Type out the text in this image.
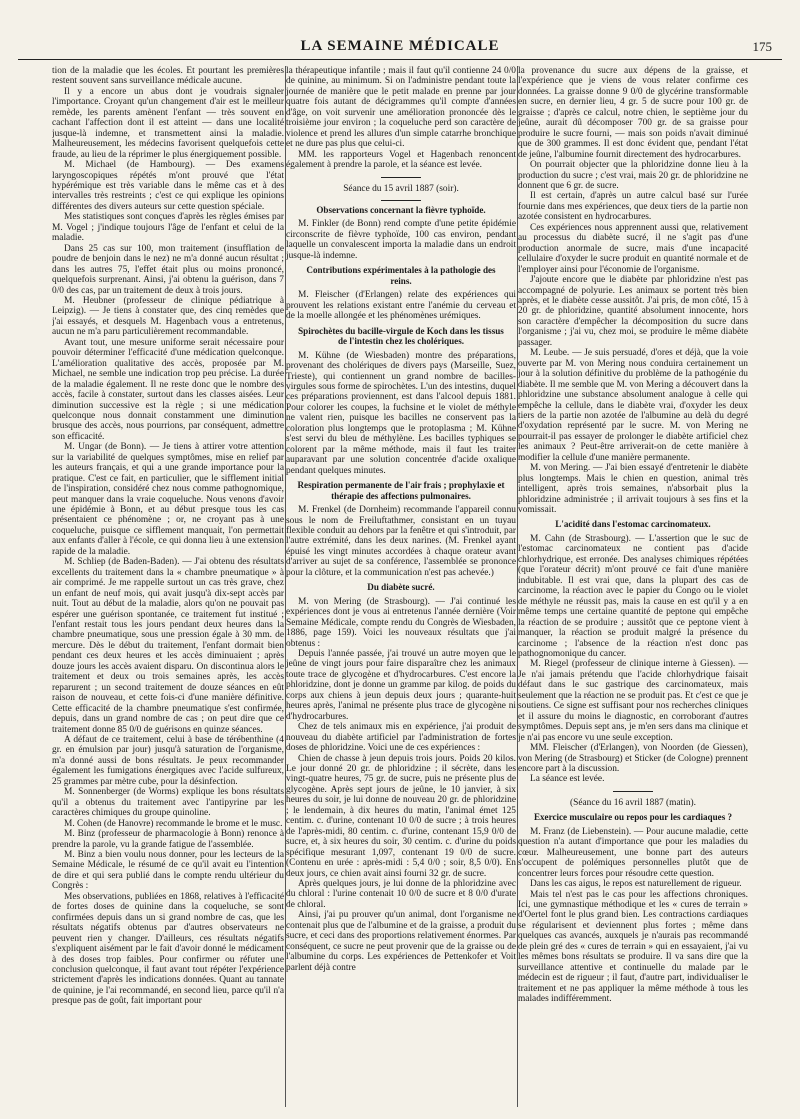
LA SEMAINE MÉDICALE	175

tion de la maladie que les écoles. Et pourtant les premières restent souvent sans surveillance médicale aucune.

Il y a encore un abus dont je voudrais signaler l'importance. Croyant qu'un changement d'air est le meilleur remède, les parents amènent l'enfant — très souvent en cachant l'affection dont il est atteint — dans une localité jusque-là indemne, et transmettent ainsi la maladie. Malheureusement, les médecins favorisent quelquefois cette fraude, au lieu de la réprimer le plus énergiquement possible.

M. Michael (de Hambourg). — Des examens laryngoscopiques répétés m'ont prouvé que l'état hypérémique est très variable dans le même cas et à des intervalles très restreints ; c'est ce qui explique les opinions différentes des divers auteurs sur cette question spéciale.

Mes statistiques sont conçues d'après les règles émises par M. Vogel ; j'indique toujours l'âge de l'enfant et celui de la maladie.

Dans 25 cas sur 100, mon traitement (insufflation de poudre de benjoin dans le nez) ne m'a donné aucun résultat ; dans les autres 75, l'effet était plus ou moins prononcé, quelquefois surprenant. Ainsi, j'ai obtenu la guérison, dans 7 0/0 des cas, par un traitement de deux à trois jours.

M. Heubner (professeur de clinique pédiatrique à Leipzig). — Je tiens à constater que, des cinq remèdes que j'ai essayés, et desquels M. Hagenbach vous a entretenus, aucun ne m'a paru particulièrement recommandable.

Avant tout, une mesure uniforme serait nécessaire pour pouvoir déterminer l'efficacité d'une médication quelconque. L'amélioration qualitative des accès, proposée par M. Michael, ne semble une indication trop peu précise. La durée de la maladie également. Il ne reste donc que le nombre des accès, facile à constater, surtout dans les classes aisées. Leur diminution successive est la règle ; si une médication quelconque nous donnait constamment une diminution brusque des accès, nous pourrions, par conséquent, admettre son efficacité.

M. Ungar (de Bonn). — Je tiens à attirer votre attention sur la variabilité de quelques symptômes, mise en relief par les auteurs français, et qui a une grande importance pour la pratique. C'est ce fait, en particulier, que le sifflement initial de l'inspiration, considéré chez nous comme pathognomique, peut manquer dans la vraie coqueluche. Nous venons d'avoir une épidémie à Bonn, et au début presque tous les cas présentaient ce phénomène ; or, ne croyant pas à une coqueluche, puisque ce sifflement manquait, l'on permettait aux enfants d'aller à l'école, ce qui donna lieu à une extension rapide de la maladie.

M. Schliep (de Baden-Baden). — J'ai obtenu des résultats excellents du traitement dans la « chambre pneumatique » à air comprimé. Je me rappelle surtout un cas très grave, chez un enfant de neuf mois, qui avait jusqu'à dix-sept accès par nuit. Tout au début de la maladie, alors qu'on ne pouvait pas espérer une guérison spontanée, ce traitement fut institué ; l'enfant restait tous les jours pendant deux heures dans la chambre pneumatique, sous une pression égale à 30 mm. de mercure. Dès le début du traitement, l'enfant dormait bien pendant ces deux heures et les accès diminuaient ; après douze jours les accès avaient disparu. On discontinua alors le traitement et deux ou trois semaines après, les accès reparurent ; un second traitement de douze séances en eût raison de nouveau, et cette fois-ci d'une manière définitive. Cette efficacité de la chambre pneumatique s'est confirmée, depuis, dans un grand nombre de cas ; on peut dire que ce traitement donne 85 0/0 de guérisons en quinze séances.

A défaut de ce traitement, celui à base de térébenthine (4 gr. en émulsion par jour) jusqu'à saturation de l'organisme, m'a donné aussi de bons résultats. Je peux recommander également les fumigations énergiques avec l'acide sulfureux, 25 grammes par mètre cube, pour la désinfection.

M. Sonnenberger (de Worms) explique les bons résultats qu'il a obtenus du traitement avec l'antipyrine par les caractères chimiques du groupe quinoline.

M. Cohen (de Hanovre) recommande le brome et le musc.

M. Binz (professeur de pharmacologie à Bonn) renonce à prendre la parole, vu la grande fatigue de l'assemblée.

M. Binz a bien voulu nous donner, pour les lecteurs de la Semaine Médicale, le résumé de ce qu'il avait eu l'intention de dire et qui sera publié dans le compte rendu ultérieur du Congrès :

Mes observations, publiées en 1868, relatives à l'efficacité de fortes doses de quinine dans la coqueluche, se sont confirmées depuis dans un si grand nombre de cas, que les résultats négatifs obtenus par d'autres observateurs ne peuvent rien y changer. D'ailleurs, ces résultats négatifs s'expliquent aisément par le fait d'avoir donné le médicament à des doses trop faibles. Pour confirmer ou réfuter une conclusion quelconque, il faut avant tout répéter l'expérience strictement d'après les indications données. Quant au tannate de quinine, je l'ai recommandé, en second lieu, parce qu'il n'a presque pas de goût, fait important pour

la thérapeutique infantile ; mais il faut qu'il contienne 24 0/0 de quinine, au minimum. Si on l'administre pendant toute la journée de manière que le petit malade en prenne par jour quatre fois autant de décigrammes qu'il compte d'années d'âge, on voit survenir une amélioration prononcée dès le troisième jour environ ; la coqueluche perd son caractère de violence et prend les allures d'un simple catarrhe bronchique et ne dure pas plus que celui-ci.

MM. les rapporteurs Vogel et Hagenbach renoncent également à prendre la parole, et la séance est levée.

Séance du 15 avril 1887 (soir).

Observations concernant la fièvre typhoïde.

M. Finkler (de Bonn) rend compte d'une petite épidémie circonscrite de fièvre typhoïde, 100 cas environ, pendant laquelle un convalescent importa la maladie dans un endroit jusque-là indemne.

Contributions expérimentales à la pathologie des reins.

M. Fleischer (d'Erlangen) relate des expériences qui prouvent les relations existant entre l'anémie du cerveau et de la moelle allongée et les phénomènes urémiques.

Spirochètes du bacille-virgule de Koch dans les tissus de l'intestin chez les cholériques.

M. Kühne (de Wiesbaden) montre des préparations, provenant des cholériques de divers pays (Marseille, Suez, Trieste), qui contiennent un grand nombre de bacilles-virgules sous forme de spirochètes. L'un des intestins, duquel ces préparations proviennent, est dans l'alcool depuis 1881. Pour colorer les coupes, la fuchsine et le violet de méthyle ne valent rien, puisque les bacilles ne conservent pas la coloration plus longtemps que le protoplasma ; M. Kühne s'est servi du bleu de méthylène. Les bacilles typhiques se colorent par la même méthode, mais il faut les traiter auparavant par une solution concentrée d'acide oxalique pendant quelques minutes.

Respiration permanente de l'air frais ; prophylaxie et thérapie des affections pulmonaires.

M. Frenkel (de Dornheim) recommande l'appareil connu sous le nom de Freiluftathmer, consistant en un tuyau flexible conduit au dehors par la fenêtre et qui s'introduit, par l'autre extrémité, dans les deux narines. (M. Frenkel ayant épuisé les vingt minutes accordées à chaque orateur avant d'arriver au sujet de sa conférence, l'assemblée se prononce pour la clôture, et la communication n'est pas achevée.)

Du diabète sucré.

M. von Mering (de Strasbourg). — J'ai continué les expériences dont je vous ai entretenus l'année dernière (Voir Semaine Médicale, compte rendu du Congrès de Wiesbaden, 1886, page 159). Voici les nouveaux résultats que j'ai obtenus :

Depuis l'année passée, j'ai trouvé un autre moyen que le jeûne de vingt jours pour faire disparaître chez les animaux toute trace de glycogène et d'hydrocarbures. C'est encore la phloridzine, dont je donne un gramme par kilog. de poids du corps aux chiens à jeun depuis deux jours ; quarante-huit heures après, l'animal ne présente plus trace de glycogène ni d'hydrocarbures.

Chez de tels animaux mis en expérience, j'ai produit de nouveau du diabète artificiel par l'administration de fortes doses de phloridzine. Voici une de ces expériences :

Chien de chasse à jeun depuis trois jours. Poids 20 kilos. Le jour donné 20 gr. de phloridzine ; il sécrète, dans les vingt-quatre heures, 75 gr. de sucre, puis ne présente plus de glycogène. Après sept jours de jeûne, le 10 janvier, à six heures du soir, je lui donne de nouveau 20 gr. de phloridzine ; le lendemain, à dix heures du matin, l'animal émet 125 centim. c. d'urine, contenant 10 0/0 de sucre ; à trois heures de l'après-midi, 80 centim. c. d'urine, contenant 15,9 0/0 de sucre, et, à six heures du soir, 30 centim. c. d'urine du poids spécifique mesurant 1,097, contenant 19 0/0 de sucre. (Contenu en urée : après-midi : 5,4 0/0 ; soir, 8,5 0/0). En deux jours, ce chien avait ainsi fourni 32 gr. de sucre.

Après quelques jours, je lui donne de la phloridzine avec du chloral : l'urine contenait 10 0/0 de sucre et 8 0/0 d'urate de chloral.

Ainsi, j'ai pu prouver qu'un animal, dont l'organisme ne contenait plus que de l'albumine et de la graisse, a produit du sucre, et ceci dans des proportions relativement énormes. Par conséquent, ce sucre ne peut provenir que de la graisse ou de l'albumine du corps. Les expériences de Pettenkofer et Voit parlent déjà contre

la provenance du sucre aux dépens de la graisse, et l'expérience que je viens de vous relater confirme ces données. La graisse donne 9 0/0 de glycérine transformable en sucre, en dernier lieu, 4 gr. 5 de sucre pour 100 gr. de graisse ; d'après ce calcul, notre chien, le septième jour du jeûne, aurait dû décomposer 700 gr. de sa graisse pour produire le sucre fourni, — mais son poids n'avait diminué que de 300 grammes. Il est donc évident que, pendant l'état de jeûne, l'albumine fournit directement des hydrocarbures.

On pourrait objecter que la phloridzine donne lieu à la production du sucre ; c'est vrai, mais 20 gr. de phloridzine ne donnent que 6 gr. de sucre.

Il est certain, d'après un autre calcul basé sur l'urée fournie dans mes expériences, que deux tiers de la partie non azotée consistent en hydrocarbures.

Ces expériences nous apprennent aussi que, relativement au processus du diabète sucré, il ne s'agit pas d'une production anormale de sucre, mais d'une incapacité cellulaire d'oxyder le sucre produit en quantité normale et de l'employer ainsi pour l'économie de l'organisme.

J'ajoute encore que le diabète par phloridzine n'est pas accompagné de polyurie. Les animaux se portent très bien après, et le diabète cesse aussitôt. J'ai pris, de mon côté, 15 à 20 gr. de phloridzine, quantité absolument innocente, hors son caractère d'empêcher la décomposition du sucre dans l'organisme ; j'ai vu, chez moi, se produire le même diabète passager.

M. Leube. — Je suis persuadé, d'ores et déjà, que la voie ouverte par M. von Mering nous conduira certainement un jour à la solution définitive du problème de la pathogénie du diabète. Il me semble que M. von Mering a découvert dans la phloridzine une substance absolument analogue à celle qui empêche la cellule, dans le diabète vrai, d'oxyder les deux tiers de la partie non azotée de l'albumine au delà du degré d'oxydation représenté par le sucre. M. von Mering ne pourrait-il pas essayer de prolonger le diabète artificiel chez les animaux ? Peut-être arriverait-on de cette manière à modifier la cellule d'une manière permanente.

M. von Mering. — J'ai bien essayé d'entretenir le diabète plus longtemps. Mais le chien en question, animal très intelligent, après trois semaines, n'absorbait plus la phloridzine administrée ; il arrivait toujours à ses fins et la vomissait.

L'acidité dans l'estomac carcinomateux.

M. Cahn (de Strasbourg). — L'assertion que le suc de l'estomac carcinomateux ne contient pas d'acide chlorhydrique, est erronée. Des analyses chimiques répétées (que l'orateur décrit) m'ont prouvé ce fait d'une manière indubitable. Il est vrai que, dans la plupart des cas de carcinome, la réaction avec le papier du Congo ou le violet de méthyle ne réussit pas, mais la cause en est qu'il y a en même temps une certaine quantité de peptone qui empêche la réaction de se produire ; aussitôt que ce peptone vient à manquer, la réaction se produit malgré la présence du carcinome ; l'absence de la réaction n'est donc pas pathognomonique du cancer.

M. Riegel (professeur de clinique interne à Giessen). — Je n'ai jamais prétendu que l'acide chlorhydrique faisait défaut dans le suc gastrique des carcinomateux, mais seulement que la réaction ne se produit pas. Et c'est ce que je soutiens. Ce signe est suffisant pour nos recherches cliniques et il assure du moins le diagnostic, en corroborant d'autres symptômes. Depuis sept ans, je m'en sers dans ma clinique et je n'ai pas encore vu une seule exception.

MM. Fleischer (d'Erlangen), von Noorden (de Giessen), von Mering (de Strasbourg) et Sticker (de Cologne) prennent encore part à la discussion.

La séance est levée.

(Séance du 16 avril 1887 (matin).

Exercice musculaire ou repos pour les cardiaques ?

M. Franz (de Liebenstein). — Pour aucune maladie, cette question n'a autant d'importance que pour les maladies du cœur. Malheureusement, une bonne part des auteurs s'occupent de polémiques personnelles plutôt que de concentrer leurs forces pour résoudre cette question.

Dans les cas aigus, le repos est naturellement de rigueur.

Mais tel n'est pas le cas pour les affections chroniques. Ici, une gymnastique méthodique et les « cures de terrain » d'Oertel font le plus grand bien. Les contractions cardiaques se régularisent et deviennent plus fortes ; même dans quelques cas avancés, auxquels je n'aurais pas recommandé de plein gré des « cures de terrain » qui en essayaient, j'ai vu les mêmes bons résultats se produire. Il va sans dire que la surveillance attentive et continuelle du malade par le médecin est de rigueur ; il faut, d'autre part, individualiser le traitement et ne pas appliquer la même méthode à tous les malades indifféremment.
